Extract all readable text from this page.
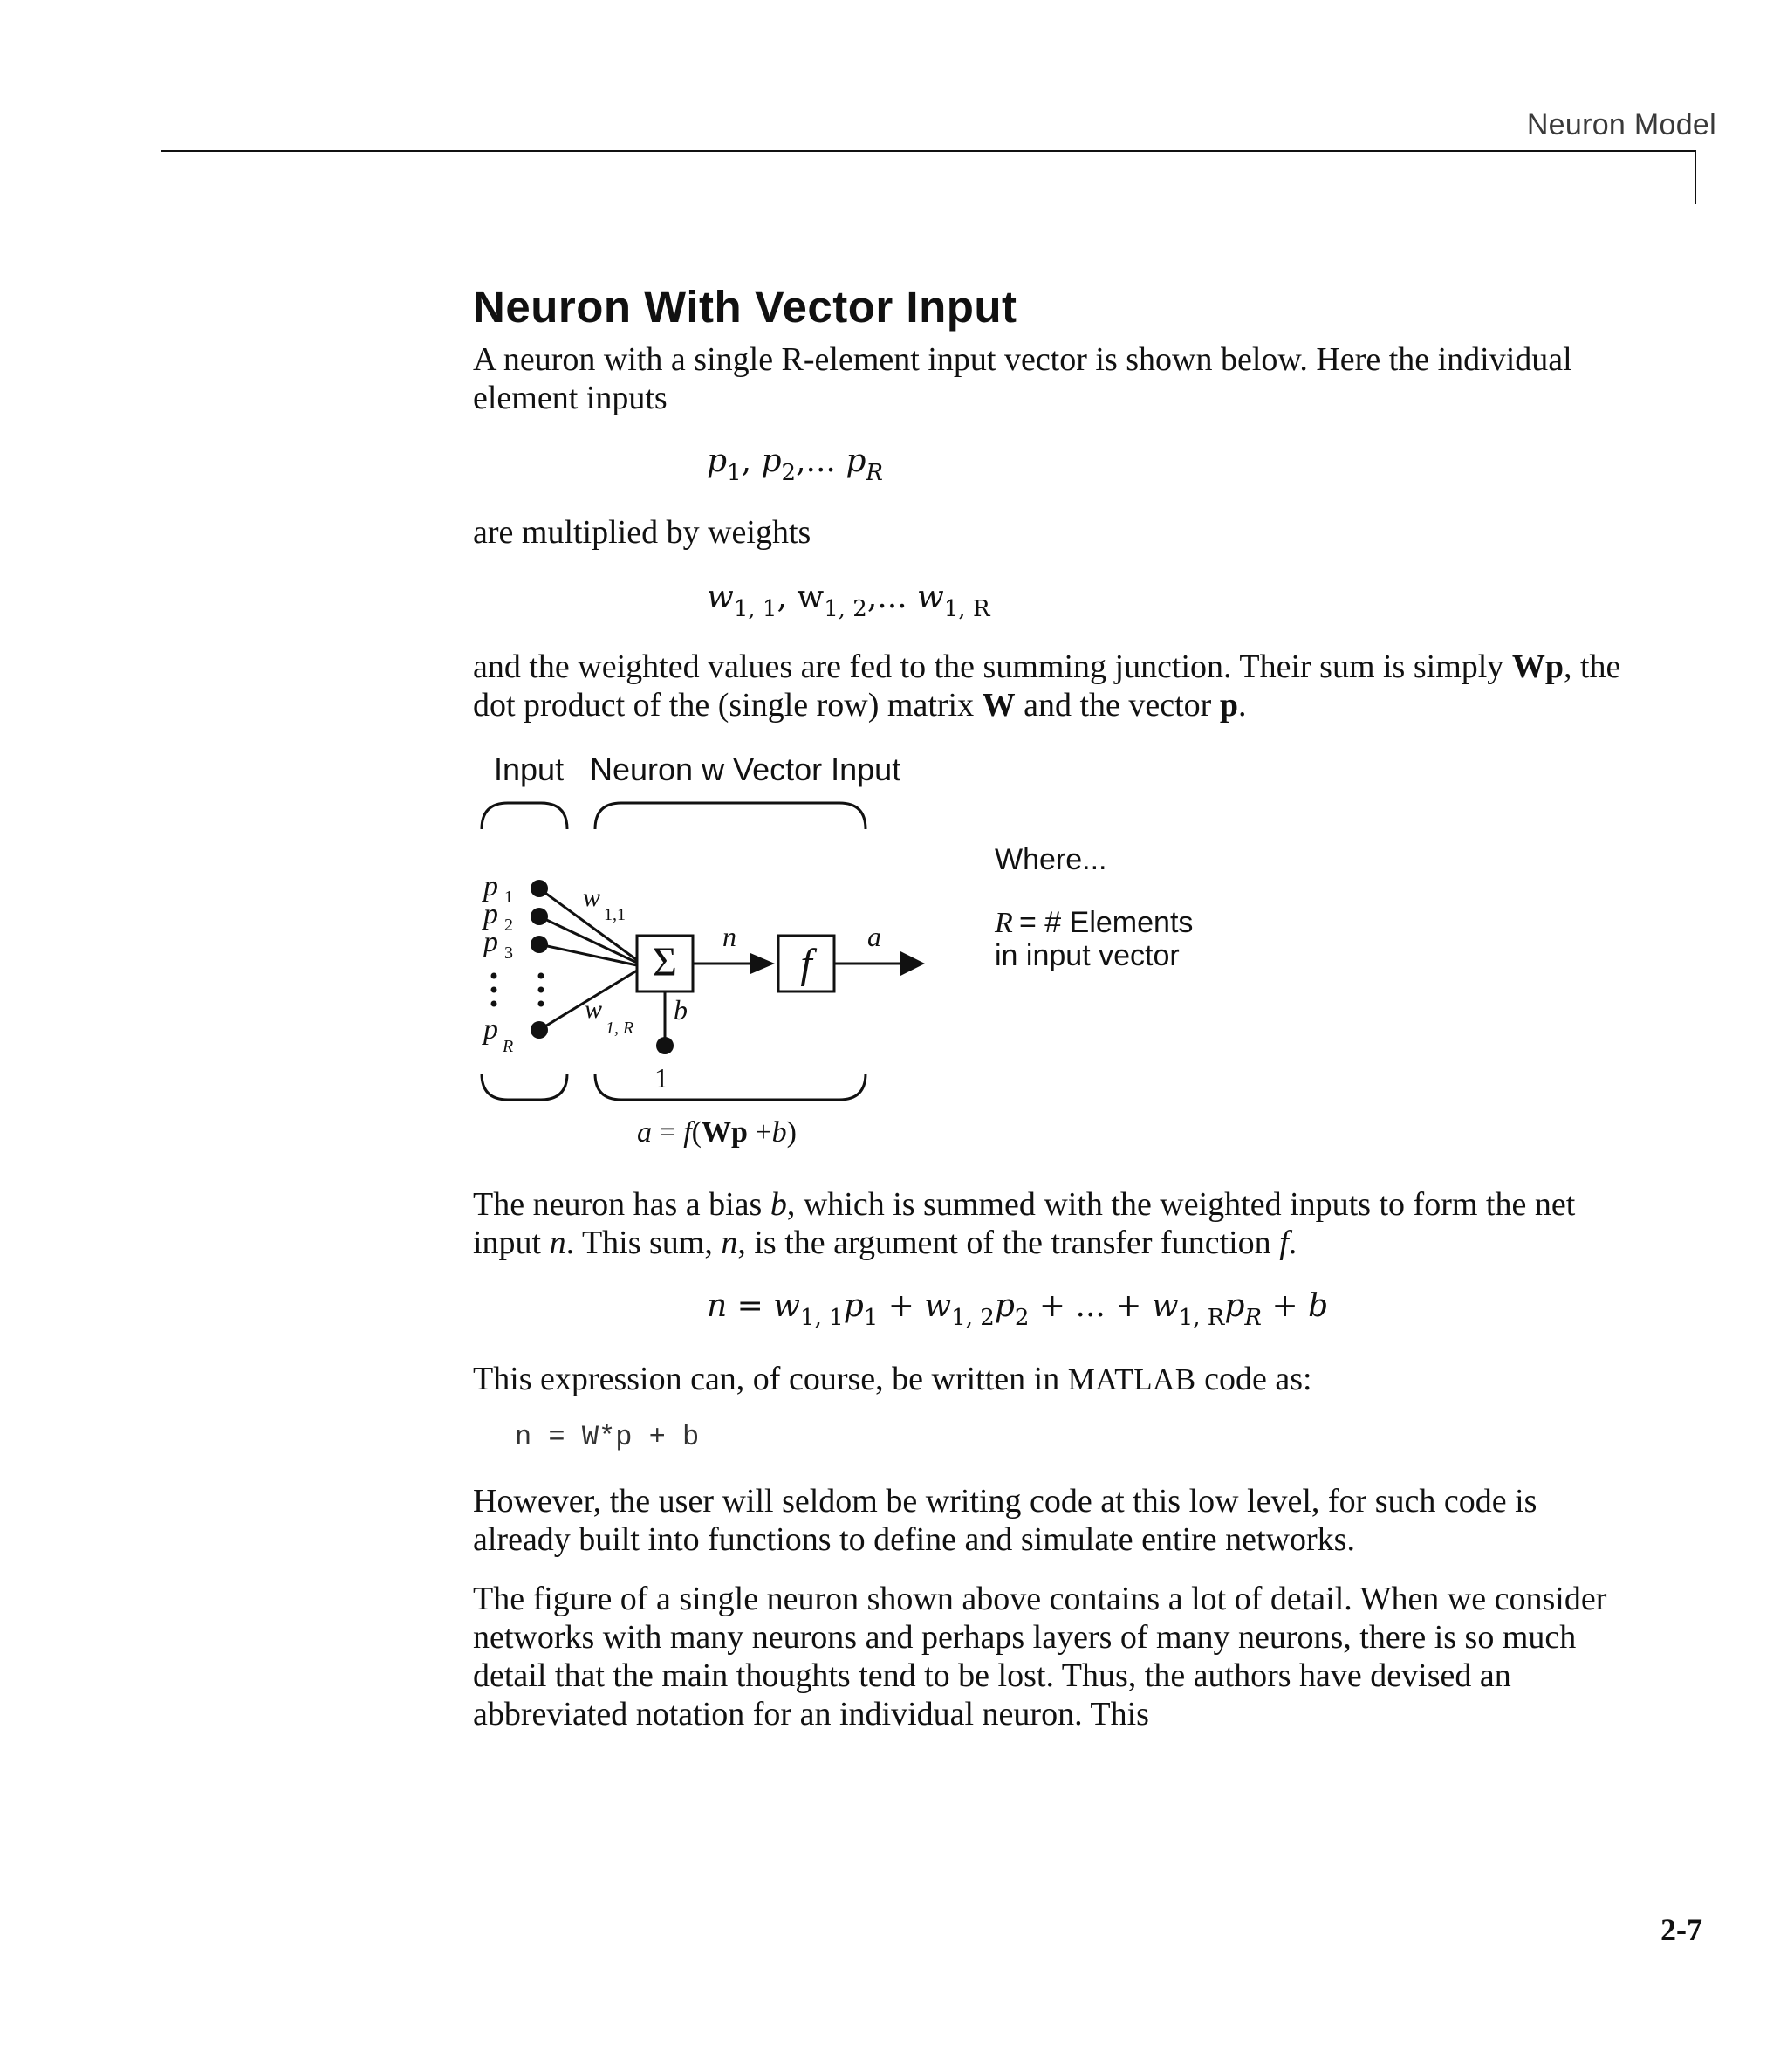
Neuron Model
Neuron With Vector Input
A neuron with a single R-element input vector is shown below. Here the individual element inputs
$p_1$, $p_2$,... $p_R$
are multiplied by weights
$w_{1, 1}$, $w_{1, 2}$,... $w_{1, R}$
and the weighted values are fed to the summing junction. Their sum is simply Wp, the dot product of the (single row) matrix W and the vector p.
Input Neuron w Vector Input
p 1
p 2
p 3
p
R
w
1,1
w
1, R
Σ
b
1
n
f
a
a = f(Wp +b)
Where...
R = # Elements
in input vector
The neuron has a bias b, which is summed with the weighted inputs to form the net input n. This sum, n, is the argument of the transfer function f.
$n = w_{1, 1}p_1 + w_{1, 2}p_2$ + ... + $w_{1, R}p_R + b$
This expression can, of course, be written in MATLAB code as:
n = W*p + b
However, the user will seldom be writing code at this low level, for such code is already built into functions to define and simulate entire networks.
The figure of a single neuron shown above contains a lot of detail. When we consider networks with many neurons and perhaps layers of many neurons, there is so much detail that the main thoughts tend to be lost. Thus, the authors have devised an abbreviated notation for an individual neuron. This
2-7
